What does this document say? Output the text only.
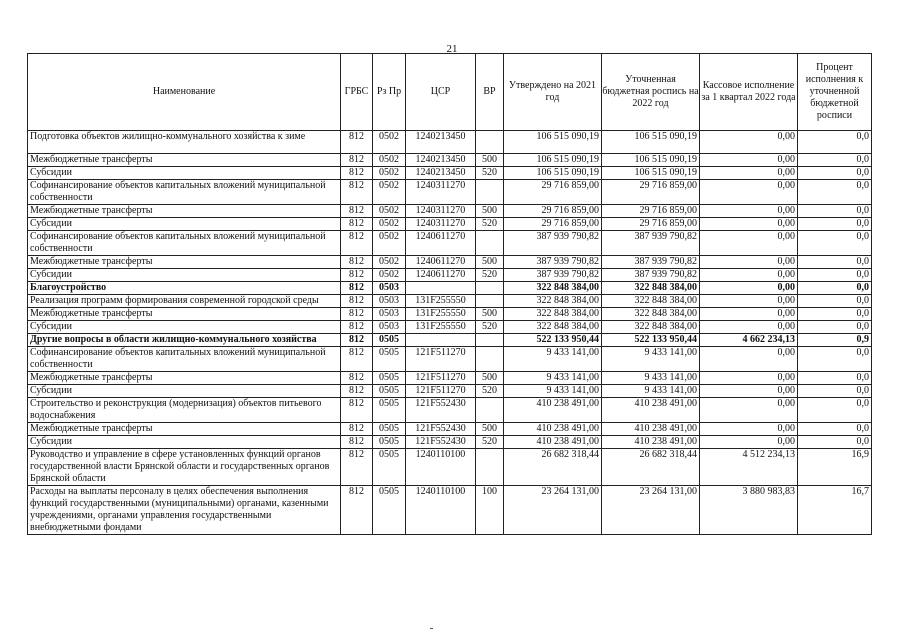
21
Наименование	ГРБС	Рз Пр	ЦСР	ВР	Утверждено на 2021 год	Уточненная бюджетная роспись на 2022 год	Кассовое исполнение за 1 квартал 2022 года	Процент исполнения к уточненной бюджетной росписи
Подготовка объектов жилищно-коммунального хозяйства к зиме	812	0502	1240213450		106 515 090,19	106 515 090,19	0,00	0,0
Межбюджетные трансферты	812	0502	1240213450	500	106 515 090,19	106 515 090,19	0,00	0,0
Субсидии	812	0502	1240213450	520	106 515 090,19	106 515 090,19	0,00	0,0
Софинансирование объектов капитальных вложений муниципальной собственности	812	0502	1240311270		29 716 859,00	29 716 859,00	0,00	0,0
Межбюджетные трансферты	812	0502	1240311270	500	29 716 859,00	29 716 859,00	0,00	0,0
Субсидии	812	0502	1240311270	520	29 716 859,00	29 716 859,00	0,00	0,0
Софинансирование объектов капитальных вложений муниципальной собственности	812	0502	1240611270		387 939 790,82	387 939 790,82	0,00	0,0
Межбюджетные трансферты	812	0502	1240611270	500	387 939 790,82	387 939 790,82	0,00	0,0
Субсидии	812	0502	1240611270	520	387 939 790,82	387 939 790,82	0,00	0,0
Благоустройство	812	0503			322 848 384,00	322 848 384,00	0,00	0,0
Реализация программ формирования современной городской среды	812	0503	131F255550		322 848 384,00	322 848 384,00	0,00	0,0
Межбюджетные трансферты	812	0503	131F255550	500	322 848 384,00	322 848 384,00	0,00	0,0
Субсидии	812	0503	131F255550	520	322 848 384,00	322 848 384,00	0,00	0,0
Другие вопросы в области жилищно-коммунального хозяйства	812	0505			522 133 950,44	522 133 950,44	4 662 234,13	0,9
Софинансирование объектов капитальных вложений муниципальной собственности	812	0505	121F511270		9 433 141,00	9 433 141,00	0,00	0,0
Межбюджетные трансферты	812	0505	121F511270	500	9 433 141,00	9 433 141,00	0,00	0,0
Субсидии	812	0505	121F511270	520	9 433 141,00	9 433 141,00	0,00	0,0
Строительство и реконструкция (модернизация) объектов питьевого водоснабжения	812	0505	121F552430		410 238 491,00	410 238 491,00	0,00	0,0
Межбюджетные трансферты	812	0505	121F552430	500	410 238 491,00	410 238 491,00	0,00	0,0
Субсидии	812	0505	121F552430	520	410 238 491,00	410 238 491,00	0,00	0,0
Руководство и управление в сфере установленных функций органов государственной власти Брянской области и государственных органов Брянской области	812	0505	1240110100		26 682 318,44	26 682 318,44	4 512 234,13	16,9
Расходы на выплаты персоналу в целях обеспечения выполнения функций государственными (муниципальными) органами, казенными учреждениями, органами управления государственными внебюджетными фондами	812	0505	1240110100	100	23 264 131,00	23 264 131,00	3 880 983,83	16,7
